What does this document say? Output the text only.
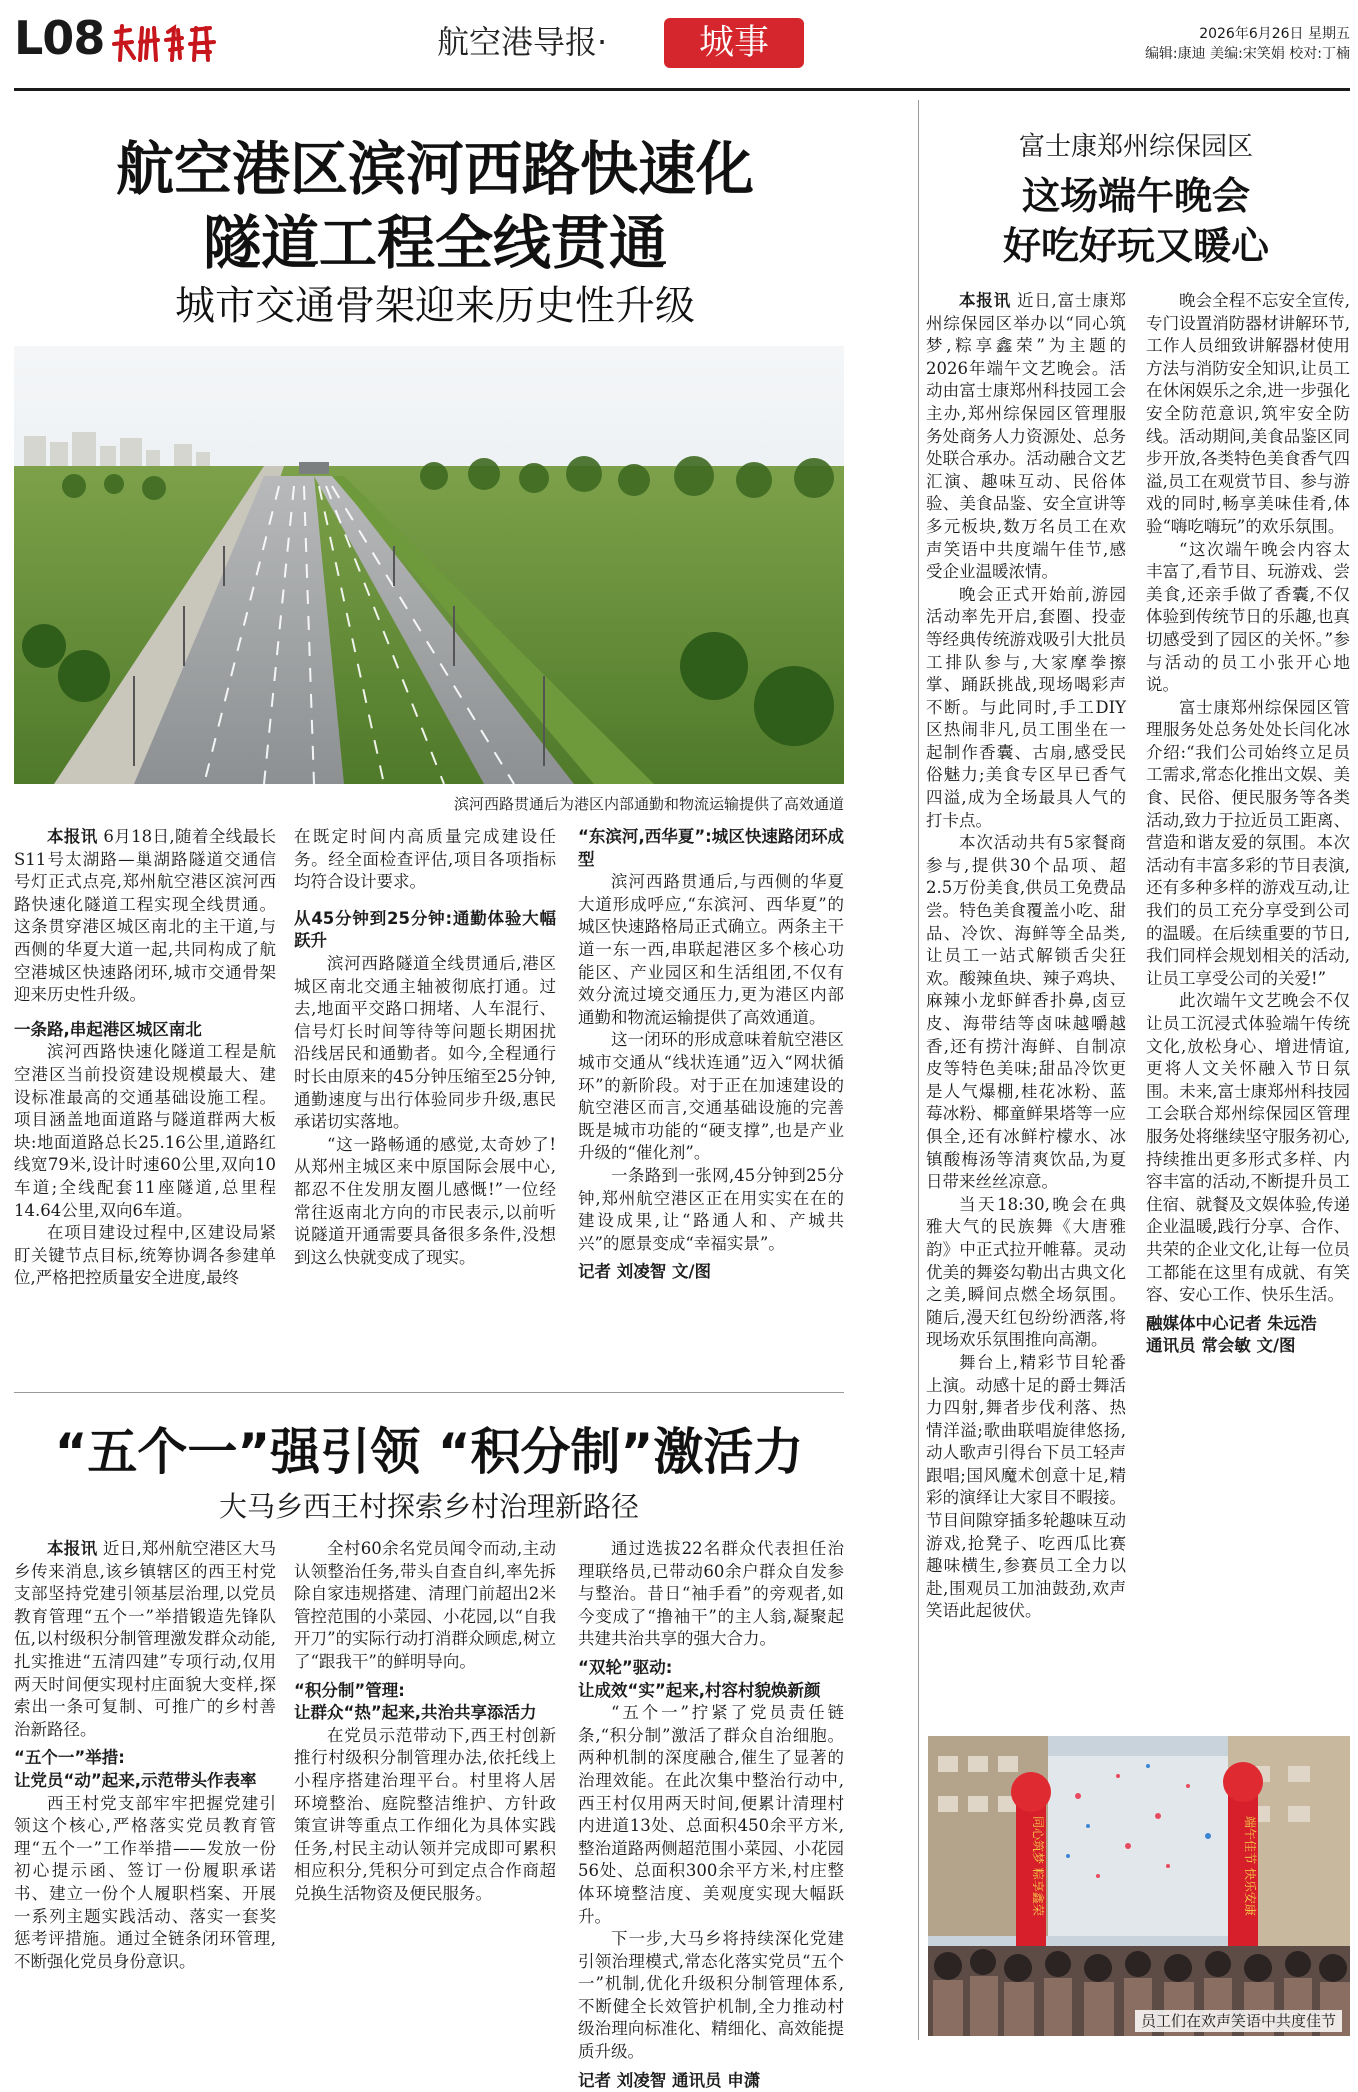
L08	航空港导报·	城事	2026年6月26日 星期五
编辑:康迪 美编:宋笑娟 校对:丁楠
航空港区滨河西路快速化
隧道工程全线贯通
城市交通骨架迎来历史性升级
滨河西路贯通后为港区内部通勤和物流运输提供了高效通道

本报讯 6月18日,随着全线最长S11号太湖路—巢湖路隧道交通信号灯正式点亮,郑州航空港区滨河西路快速化隧道工程实现全线贯通。这条贯穿港区城区南北的主干道,与西侧的华夏大道一起,共同构成了航空港城区快速路闭环,城市交通骨架迎来历史性升级。

一条路,串起港区城区南北

滨河西路快速化隧道工程是航空港区当前投资建设规模最大、建设标准最高的交通基础设施工程。项目涵盖地面道路与隧道群两大板块:地面道路总长25.16公里,道路红线宽79米,设计时速60公里,双向10车道;全线配套11座隧道,总里程14.64公里,双向6车道。

在项目建设过程中,区建设局紧盯关键节点目标,统筹协调各参建单位,严格把控质量安全进度,最终

在既定时间内高质量完成建设任务。经全面检查评估,项目各项指标均符合设计要求。

从45分钟到25分钟:通勤体验大幅跃升

滨河西路隧道全线贯通后,港区城区南北交通主轴被彻底打通。过去,地面平交路口拥堵、人车混行、信号灯长时间等待等问题长期困扰沿线居民和通勤者。如今,全程通行时长由原来的45分钟压缩至25分钟,通勤速度与出行体验同步升级,惠民承诺切实落地。

“这一路畅通的感觉,太奇妙了!从郑州主城区来中原国际会展中心,都忍不住发朋友圈儿感慨!”一位经常往返南北方向的市民表示,以前听说隧道开通需要具备很多条件,没想到这么快就变成了现实。

“东滨河,西华夏”:城区快速路闭环成型

滨河西路贯通后,与西侧的华夏大道形成呼应,“东滨河、西华夏”的城区快速路格局正式确立。两条主干道一东一西,串联起港区多个核心功能区、产业园区和生活组团,不仅有效分流过境交通压力,更为港区内部通勤和物流运输提供了高效通道。

这一闭环的形成意味着航空港区城市交通从“线状连通”迈入“网状循环”的新阶段。对于正在加速建设的航空港区而言,交通基础设施的完善既是城市功能的“硬支撑”,也是产业升级的“催化剂”。

一条路到一张网,45分钟到25分钟,郑州航空港区正在用实实在在的建设成果,让“路通人和、产城共兴”的愿景变成“幸福实景”。

记者 刘凌智 文/图

“五个一”强引领 “积分制”激活力
大马乡西王村探索乡村治理新路径

本报讯 近日,郑州航空港区大马乡传来消息,该乡镇辖区的西王村党支部坚持党建引领基层治理,以党员教育管理“五个一”举措锻造先锋队伍,以村级积分制管理激发群众动能,扎实推进“五清四建”专项行动,仅用两天时间便实现村庄面貌大变样,探索出一条可复制、可推广的乡村善治新路径。

“五个一”举措:

让党员“动”起来,示范带头作表率

西王村党支部牢牢把握党建引领这个核心,严格落实党员教育管理“五个一”工作举措——发放一份初心提示函、签订一份履职承诺书、建立一份个人履职档案、开展一系列主题实践活动、落实一套奖惩考评措施。通过全链条闭环管理,不断强化党员身份意识。

全村60余名党员闻令而动,主动认领整治任务,带头自查自纠,率先拆除自家违规搭建、清理门前超出2米管控范围的小菜园、小花园,以“自我开刀”的实际行动打消群众顾虑,树立了“跟我干”的鲜明导向。

“积分制”管理:

让群众“热”起来,共治共享添活力

在党员示范带动下,西王村创新推行村级积分制管理办法,依托线上小程序搭建治理平台。村里将人居环境整治、庭院整洁维护、方针政策宣讲等重点工作细化为具体实践任务,村民主动认领并完成即可累积相应积分,凭积分可到定点合作商超兑换生活物资及便民服务。

通过选拔22名群众代表担任治理联络员,已带动60余户群众自发参与整治。昔日“袖手看”的旁观者,如今变成了“撸袖干”的主人翁,凝聚起共建共治共享的强大合力。

“双轮”驱动:

让成效“实”起来,村容村貌焕新颜

“五个一”拧紧了党员责任链条,“积分制”激活了群众自治细胞。两种机制的深度融合,催生了显著的治理效能。在此次集中整治行动中,西王村仅用两天时间,便累计清理村内进道13处、总面积450余平方米,整治道路两侧超范围小菜园、小花园56处、总面积300余平方米,村庄整体环境整洁度、美观度实现大幅跃升。

下一步,大马乡将持续深化党建引领治理模式,常态化落实党员“五个一”机制,优化升级积分制管理体系,不断健全长效管护机制,全力推动村级治理向标准化、精细化、高效能提质升级。

记者 刘凌智 通讯员 申潇

富士康郑州综保园区
这场端午晚会
好吃好玩又暖心

本报讯 近日,富士康郑州综保园区举办以“同心筑梦,粽享鑫荣”为主题的2026年端午文艺晚会。活动由富士康郑州科技园工会主办,郑州综保园区管理服务处商务人力资源处、总务处联合承办。活动融合文艺汇演、趣味互动、民俗体验、美食品鉴、安全宣讲等多元板块,数万名员工在欢声笑语中共度端午佳节,感受企业温暖浓情。

晚会正式开始前,游园活动率先开启,套圈、投壶等经典传统游戏吸引大批员工排队参与,大家摩拳擦掌、踊跃挑战,现场喝彩声不断。与此同时,手工DIY区热闹非凡,员工围坐在一起制作香囊、古扇,感受民俗魅力;美食专区早已香气四溢,成为全场最具人气的打卡点。

本次活动共有5家餐商参与,提供30个品项、超2.5万份美食,供员工免费品尝。特色美食覆盖小吃、甜品、冷饮、海鲜等全品类,让员工一站式解锁舌尖狂欢。酸辣鱼块、辣子鸡块、麻辣小龙虾鲜香扑鼻,卤豆皮、海带结等卤味越嚼越香,还有捞汁海鲜、自制凉皮等特色美味;甜品冷饮更是人气爆棚,桂花冰粉、蓝莓冰粉、椰童鲜果塔等一应俱全,还有冰鲜柠檬水、冰镇酸梅汤等清爽饮品,为夏日带来丝丝凉意。

当天18:30,晚会在典雅大气的民族舞《大唐雅韵》中正式拉开帷幕。灵动优美的舞姿勾勒出古典文化之美,瞬间点燃全场氛围。随后,漫天红包纷纷洒落,将现场欢乐氛围推向高潮。

舞台上,精彩节目轮番上演。动感十足的爵士舞活力四射,舞者步伐利落、热情洋溢;歌曲联唱旋律悠扬,动人歌声引得台下员工轻声跟唱;国风魔术创意十足,精彩的演绎让大家目不暇接。节目间隙穿插多轮趣味互动游戏,抢凳子、吃西瓜比赛趣味横生,参赛员工全力以赴,围观员工加油鼓劲,欢声笑语此起彼伏。

晚会全程不忘安全宣传,专门设置消防器材讲解环节,工作人员细致讲解器材使用方法与消防安全知识,让员工在休闲娱乐之余,进一步强化安全防范意识,筑牢安全防线。活动期间,美食品鉴区同步开放,各类特色美食香气四溢,员工在观赏节目、参与游戏的同时,畅享美味佳肴,体验“嗨吃嗨玩”的欢乐氛围。

“这次端午晚会内容太丰富了,看节目、玩游戏、尝美食,还亲手做了香囊,不仅体验到传统节日的乐趣,也真切感受到了园区的关怀。”参与活动的员工小张开心地说。

富士康郑州综保园区管理服务处总务处处长闫化冰介绍:“我们公司始终立足员工需求,常态化推出文娱、美食、民俗、便民服务等各类活动,致力于拉近员工距离、营造和谐友爱的氛围。本次活动有丰富多彩的节目表演,还有多种多样的游戏互动,让我们的员工充分享受到公司的温暖。在后续重要的节日,我们同样会规划相关的活动,让员工享受公司的关爱!”

此次端午文艺晚会不仅让员工沉浸式体验端午传统文化,放松身心、增进情谊,更将人文关怀融入节日氛围。未来,富士康郑州科技园工会联合郑州综保园区管理服务处将继续坚守服务初心,持续推出更多形式多样、内容丰富的活动,不断提升员工住宿、就餐及文娱体验,传递企业温暖,践行分享、合作、共荣的企业文化,让每一位员工都能在这里有成就、有笑容、安心工作、快乐生活。

融媒体中心记者 朱远浩

通讯员 常会敏 文/图

同心筑梦 粽享鑫荣	端午佳节 快乐安康
员工们在欢声笑语中共度佳节
